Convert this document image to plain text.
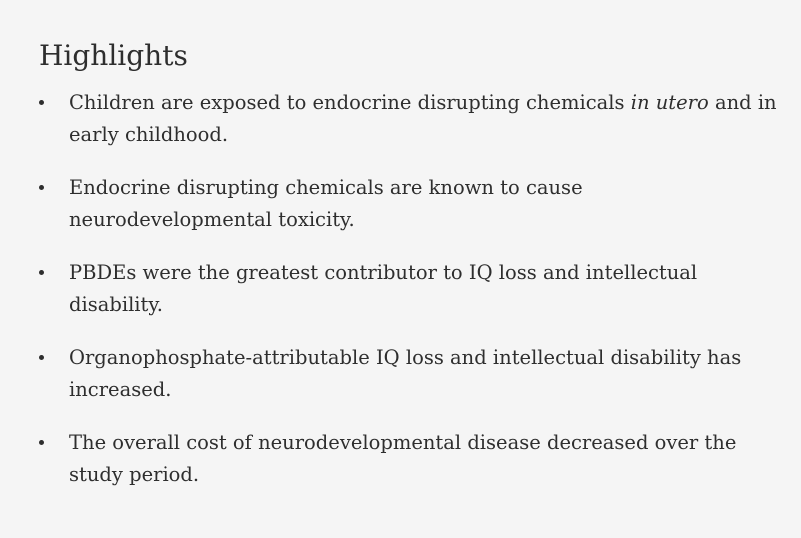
Highlights
Children are exposed to endocrine disrupting chemicals in utero and in early childhood.
Endocrine disrupting chemicals are known to cause neurodevelopmental toxicity.
PBDEs were the greatest contributor to IQ loss and intellectual disability.
Organophosphate-attributable IQ loss and intellectual disability has increased.
The overall cost of neurodevelopmental disease decreased over the study period.
